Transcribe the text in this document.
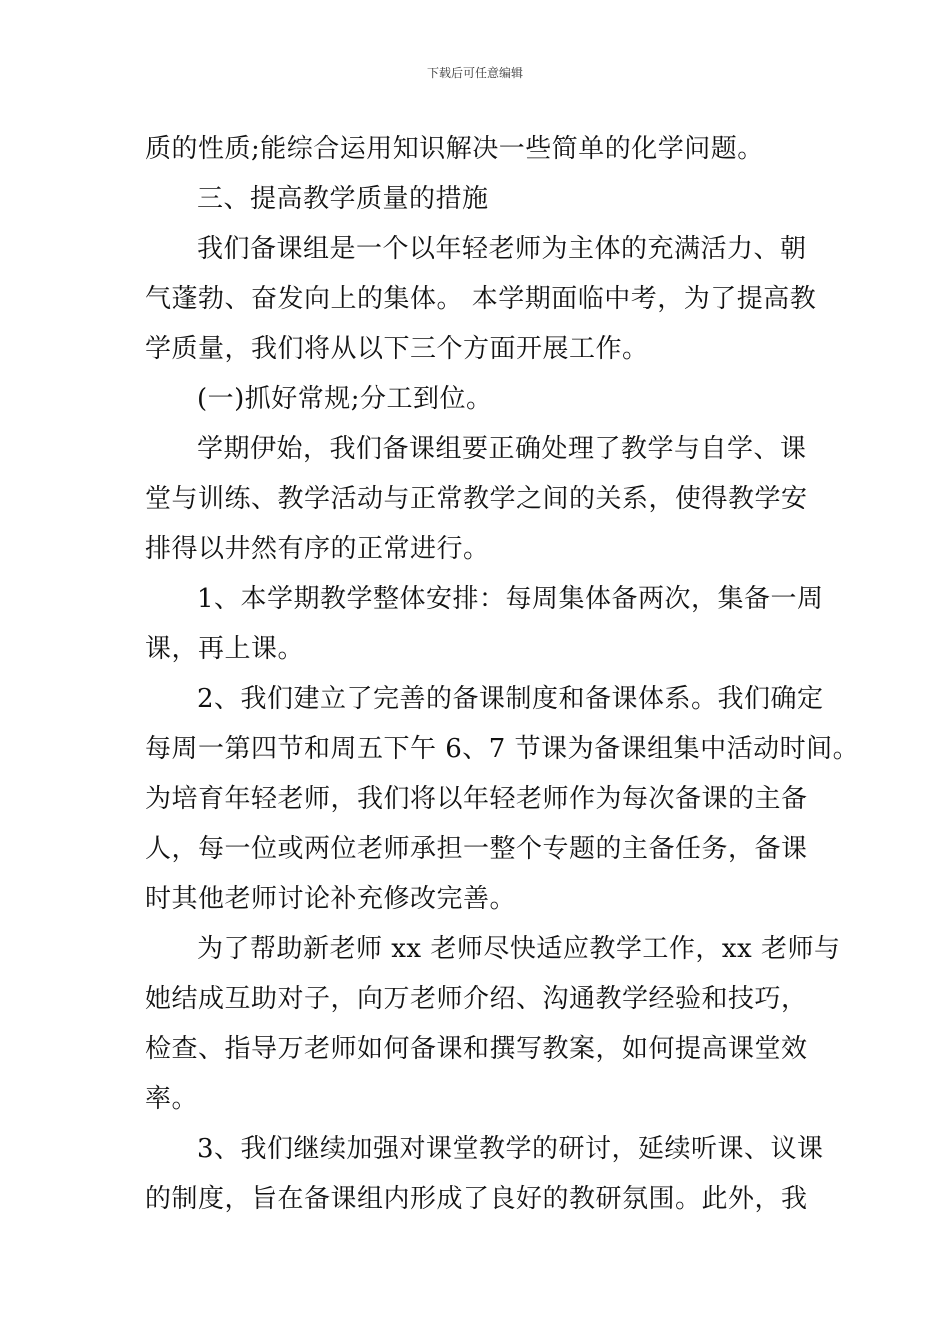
下载后可任意编辑
质的性质;能综合运用知识解决一些简单的化学问题。
三、提高教学质量的措施
我们备课组是一个以年轻老师为主体的充满活力、朝
气蓬勃、奋发向上的集体。 本学期面临中考，为了提高教
学质量，我们将从以下三个方面开展工作。
(一)抓好常规;分工到位。
学期伊始，我们备课组要正确处理了教学与自学、课
堂与训练、教学活动与正常教学之间的关系，使得教学安
排得以井然有序的正常进行。
1、本学期教学整体安排：每周集体备两次，集备一周
课，再上课。
2、我们建立了完善的备课制度和备课体系。我们确定
每周一第四节和周五下午 6、7 节课为备课组集中活动时间。
为培育年轻老师，我们将以年轻老师作为每次备课的主备
人，每一位或两位老师承担一整个专题的主备任务，备课
时其他老师讨论补充修改完善。
为了帮助新老师 xx 老师尽快适应教学工作，xx 老师与
她结成互助对子，向万老师介绍、沟通教学经验和技巧，
检查、指导万老师如何备课和撰写教案，如何提高课堂效
率。
3、我们继续加强对课堂教学的研讨，延续听课、议课
的制度，旨在备课组内形成了良好的教研氛围。此外，我
